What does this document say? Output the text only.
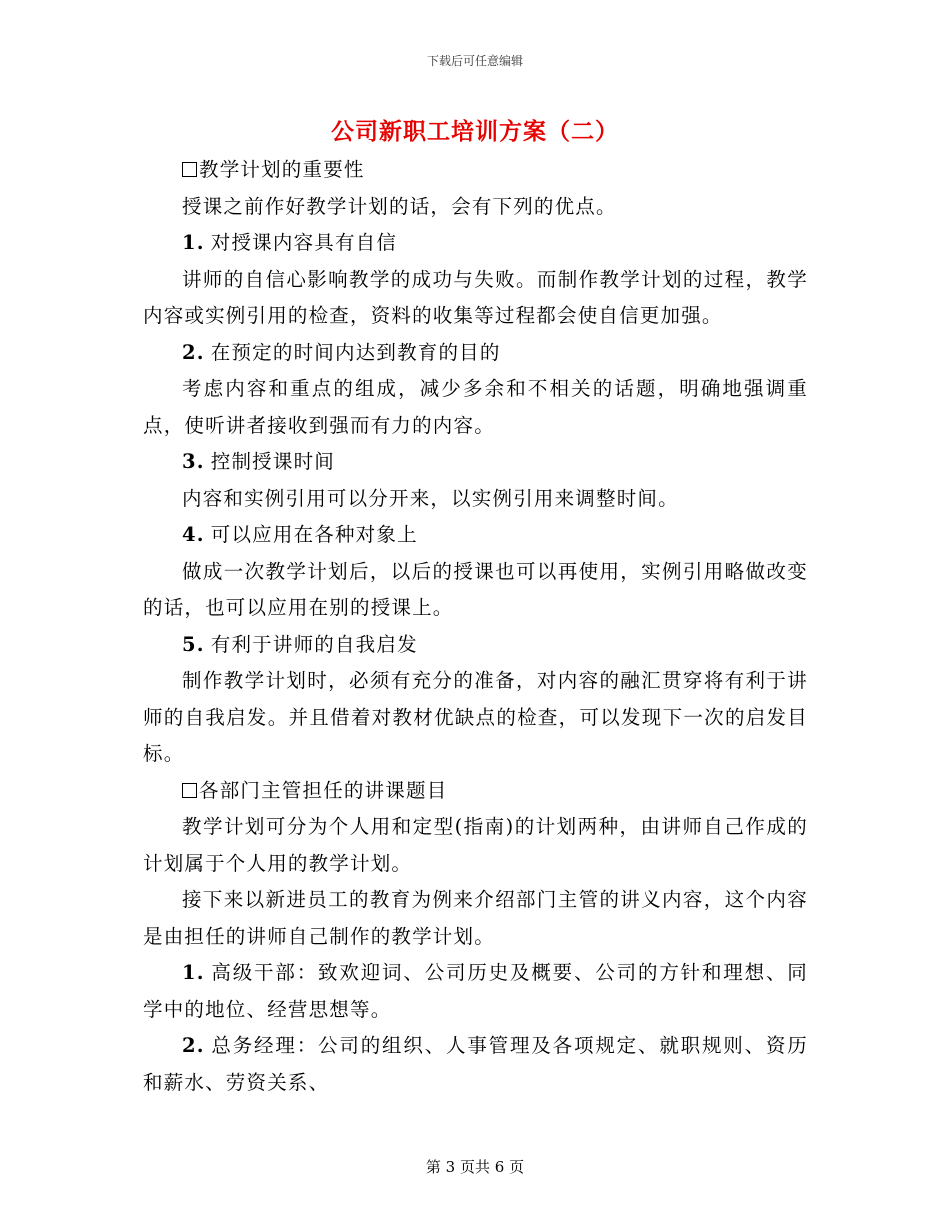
下载后可任意编辑
公司新职工培训方案（二）

教学计划的重要性

授课之前作好教学计划的话，会有下列的优点。

1. 对授课内容具有自信

讲师的自信心影响教学的成功与失败。而制作教学计划的过程，教学内容或实例引用的检查，资料的收集等过程都会使自信更加强。

2. 在预定的时间内达到教育的目的

考虑内容和重点的组成，减少多余和不相关的话题，明确地强调重点，使听讲者接收到强而有力的内容。

3. 控制授课时间

内容和实例引用可以分开来，以实例引用来调整时间。

4. 可以应用在各种对象上

做成一次教学计划后，以后的授课也可以再使用，实例引用略做改变的话，也可以应用在别的授课上。

5. 有利于讲师的自我启发

制作教学计划时，必须有充分的准备，对内容的融汇贯穿将有利于讲师的自我启发。并且借着对教材优缺点的检查，可以发现下一次的启发目标。

各部门主管担任的讲课题目

教学计划可分为个人用和定型(指南)的计划两种，由讲师自己作成的计划属于个人用的教学计划。

接下来以新进员工的教育为例来介绍部门主管的讲义内容，这个内容是由担任的讲师自己制作的教学计划。

1. 高级干部：致欢迎词、公司历史及概要、公司的方针和理想、同学中的地位、经营思想等。

2. 总务经理：公司的组织、人事管理及各项规定、就职规则、资历和薪水、劳资关系、

第 3 页共 6 页
